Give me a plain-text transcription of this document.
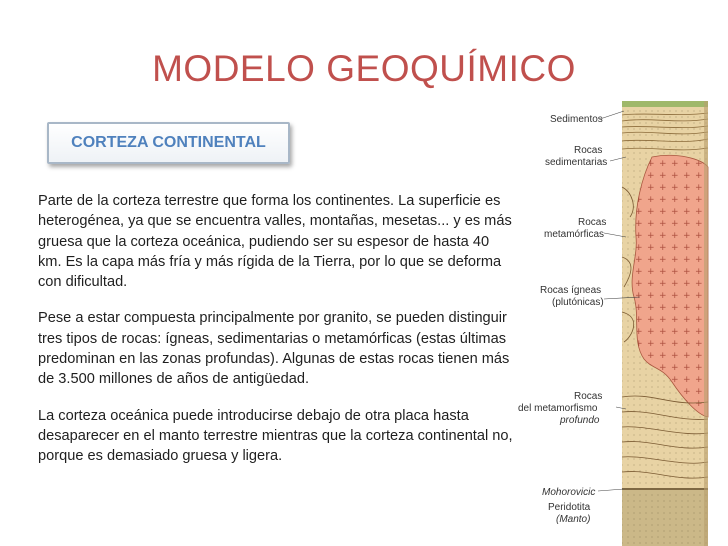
MODELO GEOQUÍMICO
CORTEZA CONTINENTAL

Parte de la corteza terrestre que forma los continentes. La superficie es heterogénea, ya que se encuentra valles, montañas, mesetas... y es más gruesa que la corteza oceánica, pudiendo ser su espesor de hasta 40 km. Es la capa más fría y más rígida de la Tierra, por lo que se deforma con dificultad.

Pese a estar compuesta principalmente por granito, se pueden distinguir tres tipos de rocas: ígneas, sedimentarias o metamórficas (estas últimas predominan en las zonas profundas). Algunas de estas rocas tienen más de 3.500 millones de años de antigüedad.

La corteza oceánica puede introducirse debajo de otra placa hasta desaparecer en el manto terrestre mientras que la corteza continental no, porque es demasiado gruesa y ligera.

Sedimentos
Rocas
sedimentarias
Rocas
metamórficas
Rocas ígneas
(plutónicas)
Rocas
del metamorfismo
profundo
Mohorovicic
Peridotita
(Manto)
